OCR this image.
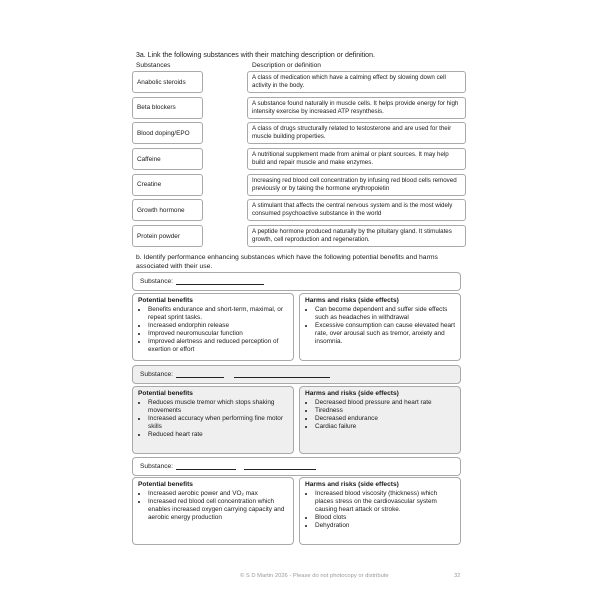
3a. Link the following substances with their matching description or definition.
Substances	Description or definition
Anabolic steroids
A class of medication which have a calming effect by slowing down cell activity in the body.
Beta blockers
A substance found naturally in muscle cells. It helps provide energy for high intensity exercise by increased ATP resynthesis.
Blood doping/EPO
A class of drugs structurally related to testosterone and are used for their muscle building properties.
Caffeine
A nutritional supplement made from animal or plant sources. It may help build and repair muscle and make enzymes.
Creatine
Increasing red blood cell concentration by infusing red blood cells removed previously or by taking the hormone erythropoietin
Growth hormone
A stimulant that affects the central nervous system and is the most widely consumed psychoactive substance in the world
Protein powder
A peptide hormone produced naturally by the pituitary gland. It stimulates growth, cell reproduction and regeneration.
b. Identify performance enhancing substances which have the following potential benefits and harms associated with their use.
Substance:
Potential benefits
• Benefits endurance and short-term, maximal, or repeat sprint tasks.
• Increased endorphin release
• Improved neuromuscular function
• Improved alertness and reduced perception of exertion or effort
Harms and risks (side effects)
• Can become dependent and suffer side effects such as headaches in withdrawal
• Excessive consumption can cause elevated heart rate, over arousal such as tremor, anxiety and insomnia.
Substance:
Potential benefits
• Reduces muscle tremor which stops shaking movements
• Increased accuracy when performing fine motor skills
• Reduced heart rate
Harms and risks (side effects)
• Decreased blood pressure and heart rate
• Tiredness
• Decreased endurance
• Cardiac failure
Substance:
Potential benefits
• Increased aerobic power and VO₂ max
• Increased red blood cell concentration which enables increased oxygen carrying capacity and aerobic energy production
Harms and risks (side effects)
• Increased blood viscosity (thickness) which places stress on the cardiovascular system causing heart attack or stroke.
• Blood clots
• Dehydration
© S D Martin 2026 - Please do not photocopy or distribute	32
